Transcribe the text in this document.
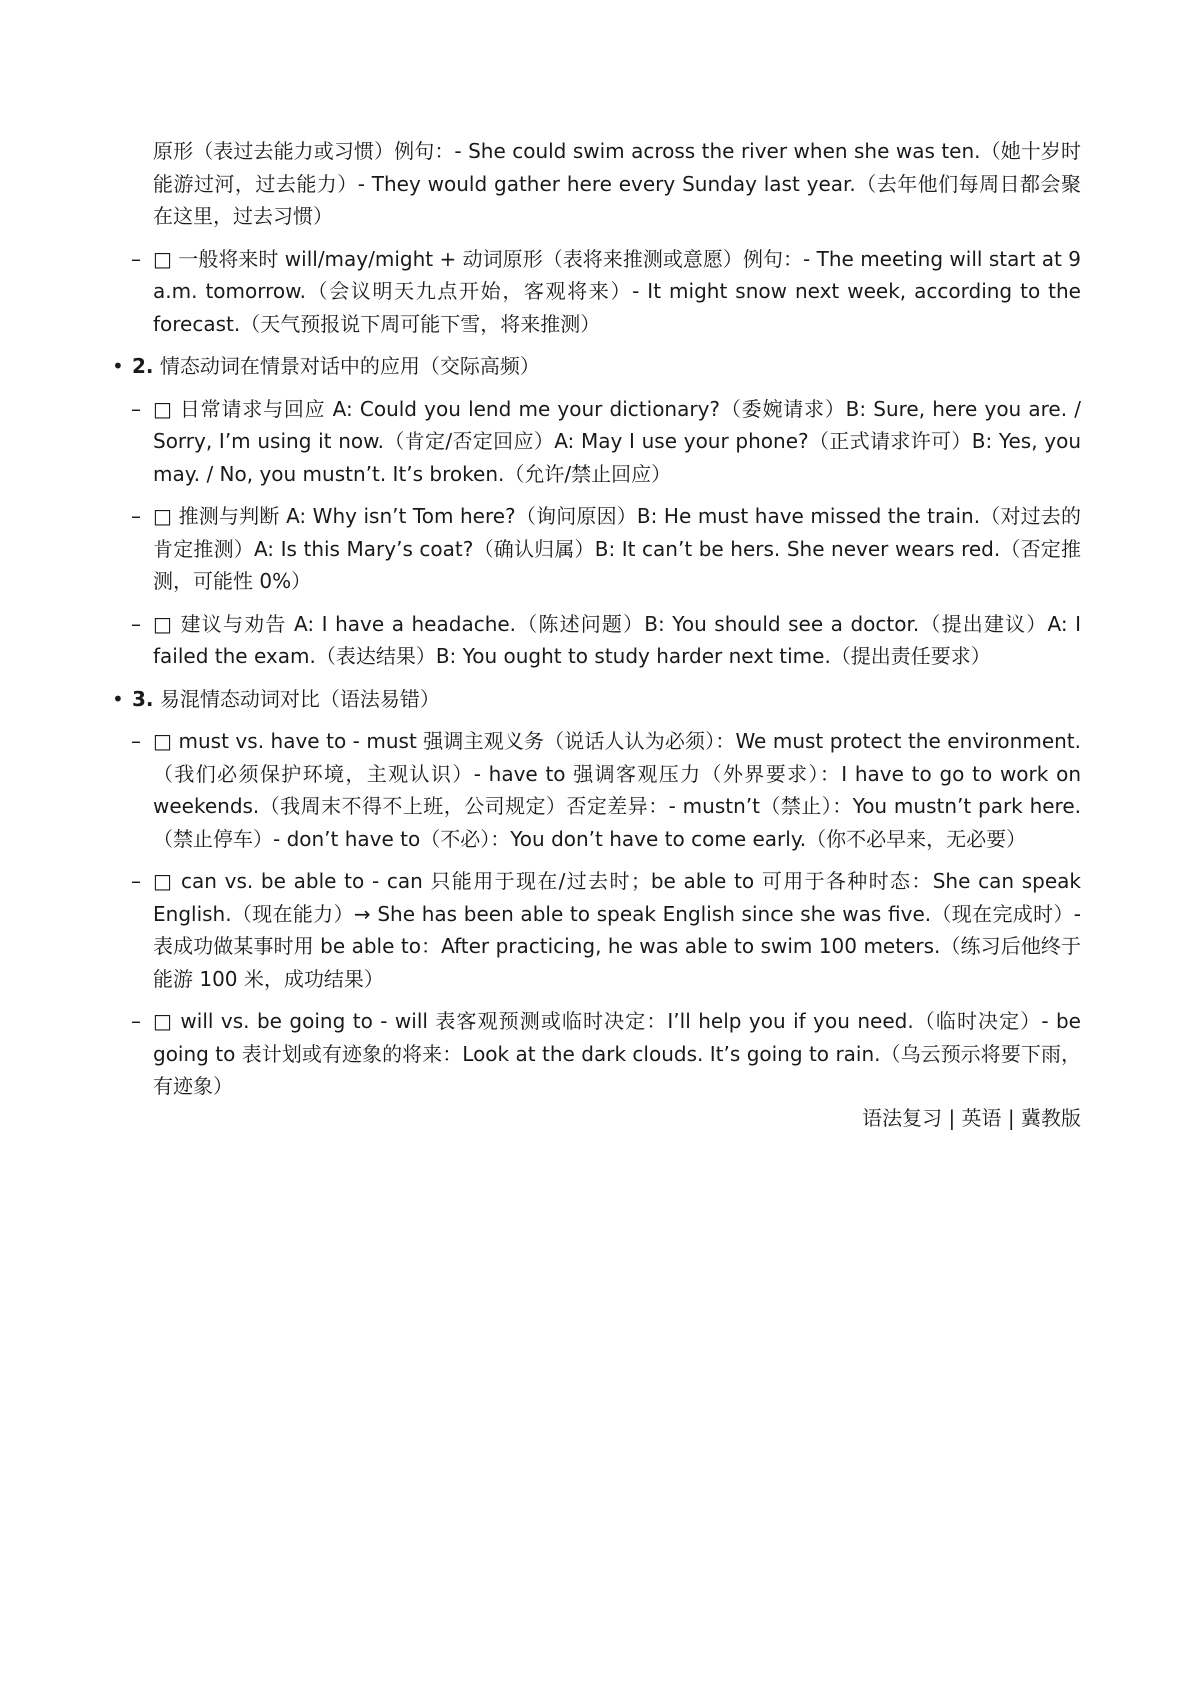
原形（表过去能力或习惯）例句：- She could swim across the river when she was ten.（她十岁时能游过河，过去能力）- They would gather here every Sunday last year.（去年他们每周日都会聚在这里，过去习惯）
– □ 一般将来时 will/may/might + 动词原形（表将来推测或意愿）例句：- The meeting will start at 9 a.m. tomorrow.（会议明天九点开始，客观将来）- It might snow next week, according to the forecast.（天气预报说下周可能下雪，将来推测）
• 2. 情态动词在情景对话中的应用（交际高频）
– □ 日常请求与回应 A: Could you lend me your dictionary?（委婉请求）B: Sure, here you are. / Sorry, I’m using it now.（肯定/否定回应）A: May I use your phone?（正式请求许可）B: Yes, you may. / No, you mustn’t. It’s broken.（允许/禁止回应）
– □ 推测与判断 A: Why isn’t Tom here?（询问原因）B: He must have missed the train.（对过去的肯定推测）A: Is this Mary’s coat?（确认归属）B: It can’t be hers. She never wears red.（否定推测，可能性 0%）
– □ 建议与劝告 A: I have a headache.（陈述问题）B: You should see a doctor.（提出建议）A: I failed the exam.（表达结果）B: You ought to study harder next time.（提出责任要求）
• 3. 易混情态动词对比（语法易错）
– □ must vs. have to - must 强调主观义务（说话人认为必须）：We must protect the environment.（我们必须保护环境，主观认识）- have to 强调客观压力（外界要求）：I have to go to work on weekends.（我周末不得不上班，公司规定）否定差异：- mustn’t（禁止）：You mustn’t park here.（禁止停车）- don’t have to（不必）：You don’t have to come early.（你不必早来，无必要）
– □ can vs. be able to - can 只能用于现在/过去时；be able to 可用于各种时态：She can speak English.（现在能力）→ She has been able to speak English since she was five.（现在完成时）- 表成功做某事时用 be able to：After practicing, he was able to swim 100 meters.（练习后他终于能游 100 米，成功结果）
– □ will vs. be going to - will 表客观预测或临时决定：I’ll help you if you need.（临时决定）- be going to 表计划或有迹象的将来：Look at the dark clouds. It’s going to rain.（乌云预示将要下雨，有迹象）
语法复习 | 英语 | 冀教版
